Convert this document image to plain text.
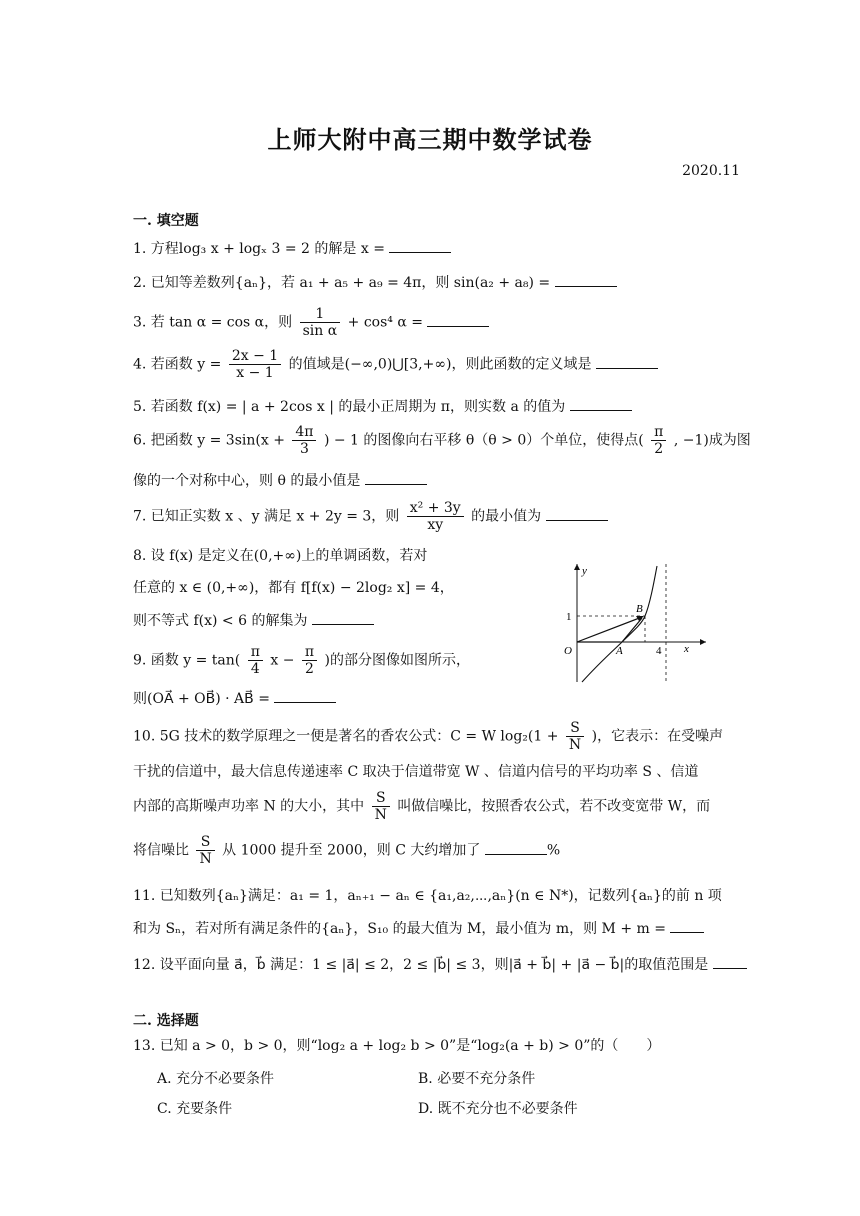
上师大附中高三期中数学试卷
2020.11
一. 填空题
1. 方程log₃ x + logₓ 3 = 2 的解是 x =
2. 已知等差数列{aₙ}，若 a₁ + a₅ + a₉ = 4π，则 sin(a₂ + a₈) =
3. 若 tan α = cos α，则 $\frac{1}{\text{sin α}} + \cos^4$ α =
4. 若函数 $y = \frac{2x - 1}{x - 1}$ 的值域是(−∞,0)⋃[3,+∞)，则此函数的定义域是
5. 若函数 f(x) = | a + 2cos x | 的最小正周期为 π，则实数 a 的值为
6. 把函数 $y = 3\sin(x + \frac{4\pi}{3}$ ) − 1 的图像向右平移 θ（θ > 0）个单位，使得点( $\frac{\pi}{2}$ , −1)成为图
像的一个对称中心，则 θ 的最小值是
7. 已知正实数 x 、y 满足 x + 2y = 3，则 $\frac{\text{x² + 3y}}{xy}$ 的最小值为
8. 设 f(x) 是定义在(0,+∞)上的单调函数，若对
任意的 x ∈ (0,+∞)，都有 f[f(x) − 2log₂ x] = 4，
则不等式 f(x) < 6 的解集为
9. 函数 $y = \tan( \frac{\pi}{4}$ $x - \frac{\pi}{2}$ )的部分图像如图所示，
则(OA⃗ + OB⃗) · AB⃗ =
y
x
O
1
4
A
B
10. 5G 技术的数学原理之一便是著名的香农公式：C = W $\log_2(1 + \frac{S}{N}$ )，它表示：在受噪声
干扰的信道中，最大信息传递速率 C 取决于信道带宽 W 、信道内信号的平均功率 S 、信道
内部的高斯噪声功率 N 的大小，其中 $\frac{S}{N}$ 叫做信噪比，按照香农公式，若不改变宽带 W，而
将信噪比 $\frac{S}{N}$ 从 1000 提升至 2000，则 C 大约增加了	%
11. 已知数列{aₙ}满足：a₁ = 1，aₙ₊₁ − aₙ ∈ {a₁,a₂,⋯,aₙ}(n ∈ N*)，记数列{aₙ}的前 n 项
和为 Sₙ，若对所有满足条件的{aₙ}，S₁₀ 的最大值为 M，最小值为 m，则 M + m =
12. 设平面向量 a⃗，b⃗ 满足：1 ≤ |a⃗| ≤ 2，2 ≤ |b⃗| ≤ 3，则|a⃗ + b⃗| + |a⃗ − b⃗|的取值范围是
二. 选择题
13. 已知 a > 0，b > 0，则“log₂ a + log₂ b > 0”是“log₂(a + b) > 0”的（　　）
A. 充分不必要条件	B. 必要不充分条件
C. 充要条件	D. 既不充分也不必要条件
